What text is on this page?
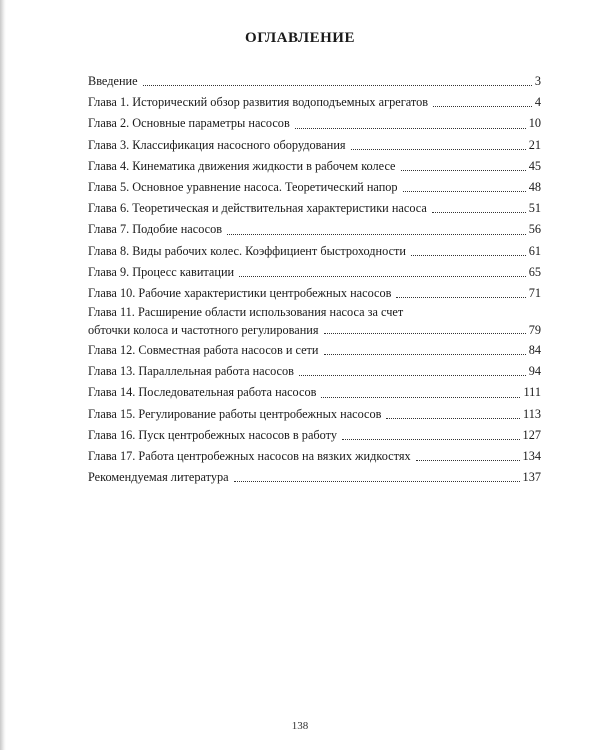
ОГЛАВЛЕНИЕ
Введение	3
Глава 1. Исторический обзор развития водоподъемных агрегатов	4
Глава 2. Основные параметры насосов	10
Глава 3. Классификация насосного оборудования	21
Глава 4. Кинематика движения жидкости в рабочем колесе	45
Глава 5. Основное уравнение насоса. Теоретический напор	48
Глава 6. Теоретическая и действительная характеристики насоса	51
Глава 7. Подобие насосов	56
Глава 8. Виды рабочих колес. Коэффициент быстроходности	61
Глава 9. Процесс кавитации	65
Глава 10. Рабочие характеристики центробежных насосов	71
Глава 11. Расширение области использования насоса за счет
обточки колоса и частотного регулирования	79
Глава 12. Совместная работа насосов и сети	84
Глава 13. Параллельная работа насосов	94
Глава 14. Последовательная работа насосов	111
Глава 15. Регулирование работы центробежных насосов	113
Глава 16. Пуск центробежных насосов в работу	127
Глава 17. Работа центробежных насосов на вязких жидкостях	134
Рекомендуемая литература	137
138
